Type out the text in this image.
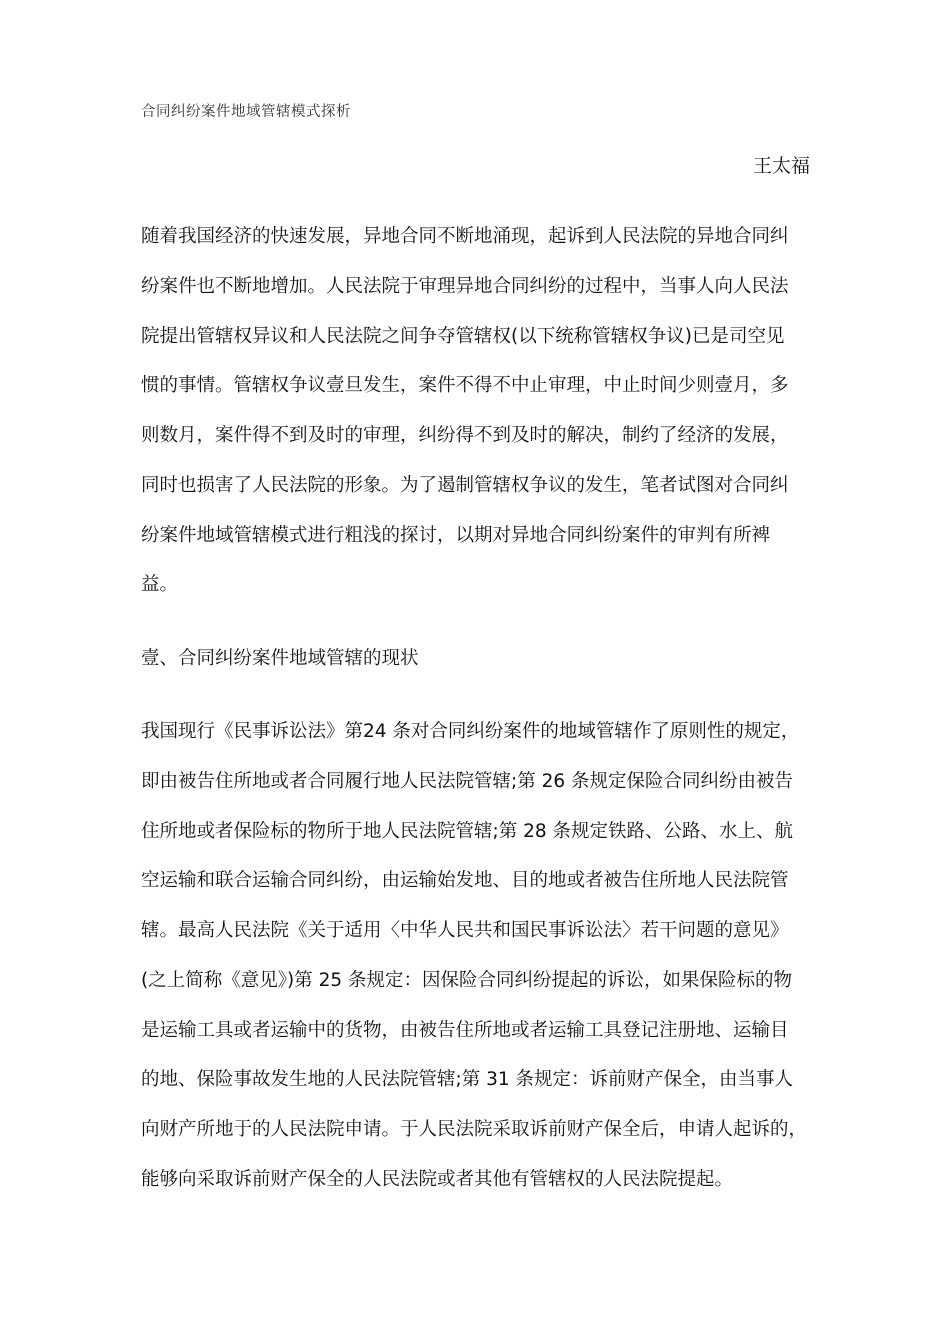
合同纠纷案件地域管辖模式探析
王太福
随着我国经济的快速发展，异地合同不断地涌现，起诉到人民法院的异地合同纠
纷案件也不断地增加。人民法院于审理异地合同纠纷的过程中，当事人向人民法
院提出管辖权异议和人民法院之间争夺管辖权(以下统称管辖权争议)已是司空见
惯的事情。管辖权争议壹旦发生，案件不得不中止审理，中止时间少则壹月，多
则数月，案件得不到及时的审理，纠纷得不到及时的解决，制约了经济的发展，
同时也损害了人民法院的形象。为了遏制管辖权争议的发生，笔者试图对合同纠
纷案件地域管辖模式进行粗浅的探讨，以期对异地合同纠纷案件的审判有所裨
益。
壹、合同纠纷案件地域管辖的现状
我国现行《民事诉讼法》第24 条对合同纠纷案件的地域管辖作了原则性的规定，
即由被告住所地或者合同履行地人民法院管辖;第 26 条规定保险合同纠纷由被告
住所地或者保险标的物所于地人民法院管辖;第 28 条规定铁路、公路、水上、航
空运输和联合运输合同纠纷，由运输始发地、目的地或者被告住所地人民法院管
辖。最高人民法院《关于适用〈中华人民共和国民事诉讼法〉若干问题的意见》
(之上简称《意见》)第 25 条规定：因保险合同纠纷提起的诉讼，如果保险标的物
是运输工具或者运输中的货物，由被告住所地或者运输工具登记注册地、运输目
的地、保险事故发生地的人民法院管辖;第 31 条规定：诉前财产保全，由当事人
向财产所地于的人民法院申请。于人民法院采取诉前财产保全后，申请人起诉的，
能够向采取诉前财产保全的人民法院或者其他有管辖权的人民法院提起。
